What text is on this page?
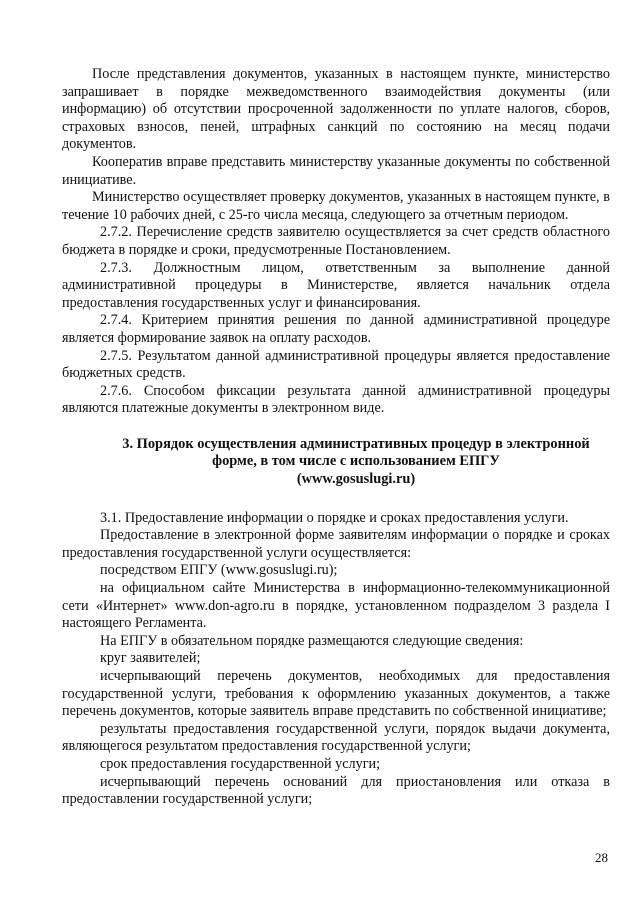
После представления документов, указанных в настоящем пункте, министерство запрашивает в порядке межведомственного взаимодействия документы (или информацию) об отсутствии просроченной задолженности по уплате налогов, сборов, страховых взносов, пеней, штрафных санкций по состоянию на месяц подачи документов.

Кооператив вправе представить министерству указанные документы по собственной инициативе.

Министерство осуществляет проверку документов, указанных в настоящем пункте, в течение 10 рабочих дней, с 25-го числа месяца, следующего за отчетным периодом.

2.7.2. Перечисление средств заявителю осуществляется за счет средств областного бюджета в порядке и сроки, предусмотренные Постановлением.

2.7.3. Должностным лицом, ответственным за выполнение данной административной процедуры в Министерстве, является начальник отдела предоставления государственных услуг и финансирования.

2.7.4. Критерием принятия решения по данной административной процедуре является формирование заявок на оплату расходов.

2.7.5. Результатом данной административной процедуры является предоставление бюджетных средств.

2.7.6. Способом фиксации результата данной административной процедуры являются платежные документы в электронном виде.

3. Порядок осуществления административных процедур в электронной
форме, в том числе с использованием ЕПГУ
(www.gosuslugi.ru)

3.1. Предоставление информации о порядке и сроках предоставления услуги.

Предоставление в электронной форме заявителям информации о порядке и сроках предоставления государственной услуги осуществляется:

посредством ЕПГУ (www.gosuslugi.ru);

на официальном сайте Министерства в информационно-телекоммуникационной сети «Интернет» www.don-agro.ru в порядке, установленном подразделом 3 раздела I настоящего Регламента.

На ЕПГУ в обязательном порядке размещаются следующие сведения:

круг заявителей;

исчерпывающий перечень документов, необходимых для предоставления государственной услуги, требования к оформлению указанных документов, а также перечень документов, которые заявитель вправе представить по собственной инициативе;

результаты предоставления государственной услуги, порядок выдачи документа, являющегося результатом предоставления государственной услуги;

срок предоставления государственной услуги;

исчерпывающий перечень оснований для приостановления или отказа в предоставлении государственной услуги;

28
